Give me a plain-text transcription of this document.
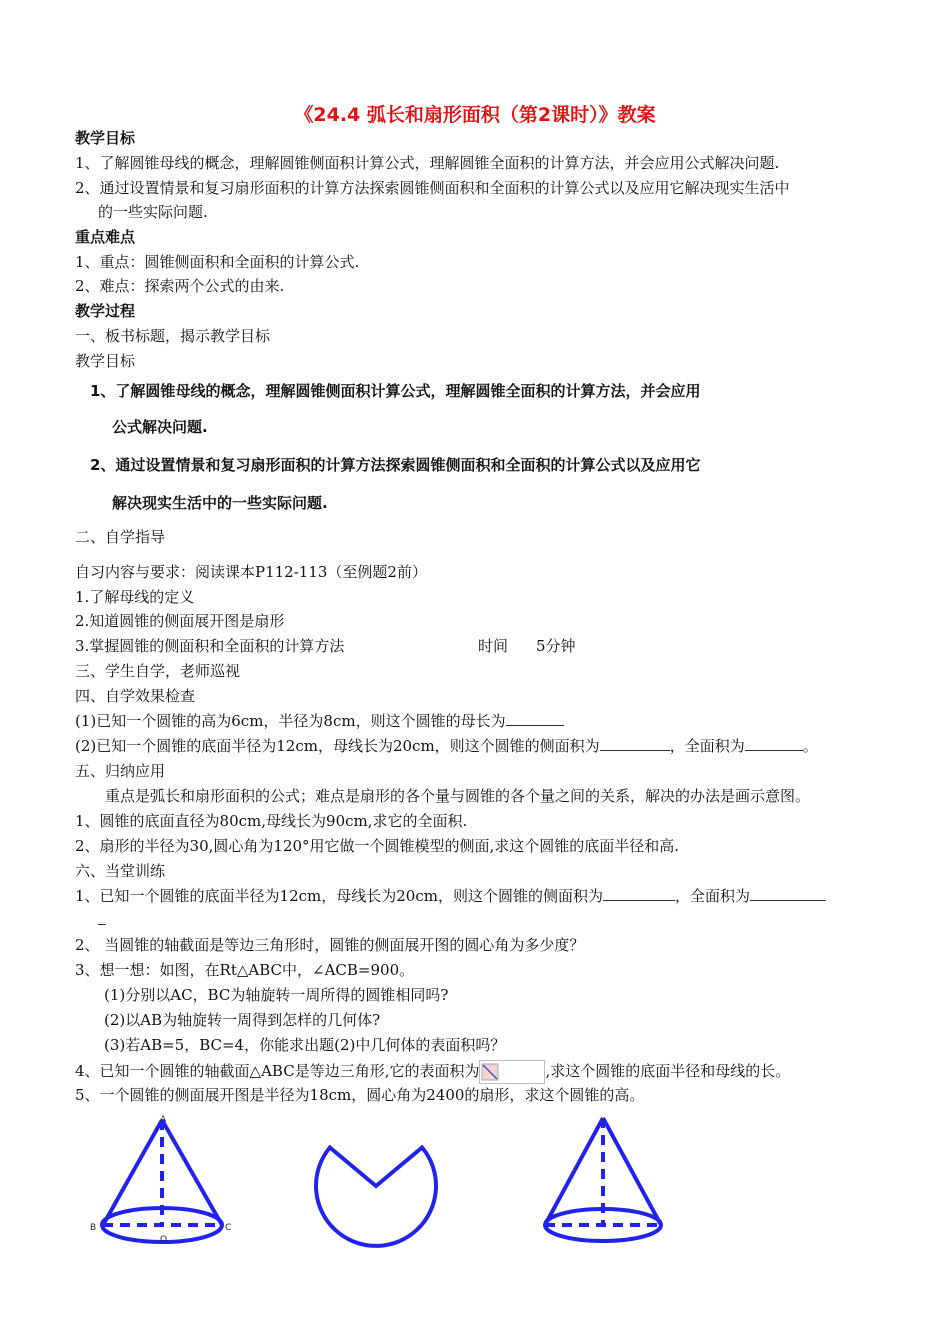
《24.4 弧长和扇形面积（第2课时）》教案
教学目标
1、了解圆锥母线的概念，理解圆锥侧面积计算公式，理解圆锥全面积的计算方法，并会应用公式解决问题.
2、通过设置情景和复习扇形面积的计算方法探索圆锥侧面积和全面积的计算公式以及应用它解决现实生活中
的一些实际问题.
重点难点
1、重点：圆锥侧面积和全面积的计算公式.
2、难点：探索两个公式的由来.
教学过程
一、板书标题，揭示教学目标
教学目标
1、了解圆锥母线的概念，理解圆锥侧面积计算公式，理解圆锥全面积的计算方法，并会应用
公式解决问题.
2、通过设置情景和复习扇形面积的计算方法探索圆锥侧面积和全面积的计算公式以及应用它
解决现实生活中的一些实际问题.
二、自学指导
自习内容与要求：阅读课本P112-113（至例题2前）
1.了解母线的定义
2.知道圆锥的侧面展开图是扇形
3.掌握圆锥的侧面积和全面积的计算方法	时间 5分钟
三、学生自学，老师巡视
四、自学效果检查
(1)已知一个圆锥的高为6cm，半径为8cm，则这个圆锥的母长为
(2)已知一个圆锥的底面半径为12cm，母线长为20cm，则这个圆锥的侧面积为	，全面积为	。
五、归纳应用
重点是弧长和扇形面积的公式；难点是扇形的各个量与圆锥的各个量之间的关系，解决的办法是画示意图。
1、圆锥的底面直径为80cm,母线长为90cm,求它的全面积.
2、扇形的半径为30,圆心角为120°用它做一个圆锥模型的侧面,求这个圆锥的底面半径和高.
六、当堂训练
1、已知一个圆锥的底面半径为12cm，母线长为20cm，则这个圆锥的侧面积为	，全面积为
2、 当圆锥的轴截面是等边三角形时，圆锥的侧面展开图的圆心角为多少度？
3、想一想：如图，在Rt△ABC中，∠ACB=900。
(1)分别以AC，BC为轴旋转一周所得的圆锥相同吗?
(2)以AB为轴旋转一周得到怎样的几何体?
(3)若AB=5，BC=4，你能求出题(2)中几何体的表面积吗？
4、已知一个圆锥的轴截面△ABC是等边三角形,它的表面积为	,求这个圆锥的底面半径和母线的长。
5、一个圆锥的侧面展开图是半径为18cm，圆心角为2400的扇形，求这个圆锥的高。
A
B	C
O
